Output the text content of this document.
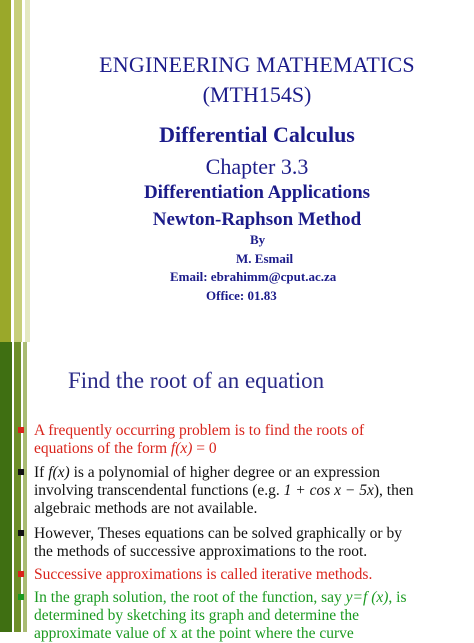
ENGINEERING MATHEMATICS
(MTH154S)
Differential Calculus
Chapter 3.3
Differentiation Applications
Newton-Raphson Method
By
M. Esmail
Email: ebrahimm@cput.ac.za
Office: 01.83
Find the root of an equation
A frequently occurring problem is to find the roots of
equations of the form f(x) = 0
If f(x) is a polynomial of higher degree or an expression
involving transcendental functions (e.g. 1 + cos x − 5x), then
algebraic methods are not available.
However, Theses equations can be solved graphically or by
the methods of successive approximations to the root.
Successive approximations is called iterative methods.
In the graph solution, the root of the function, say y=f (x), is
determined by sketching its graph and determine the
approximate value of x at the point where the curve
